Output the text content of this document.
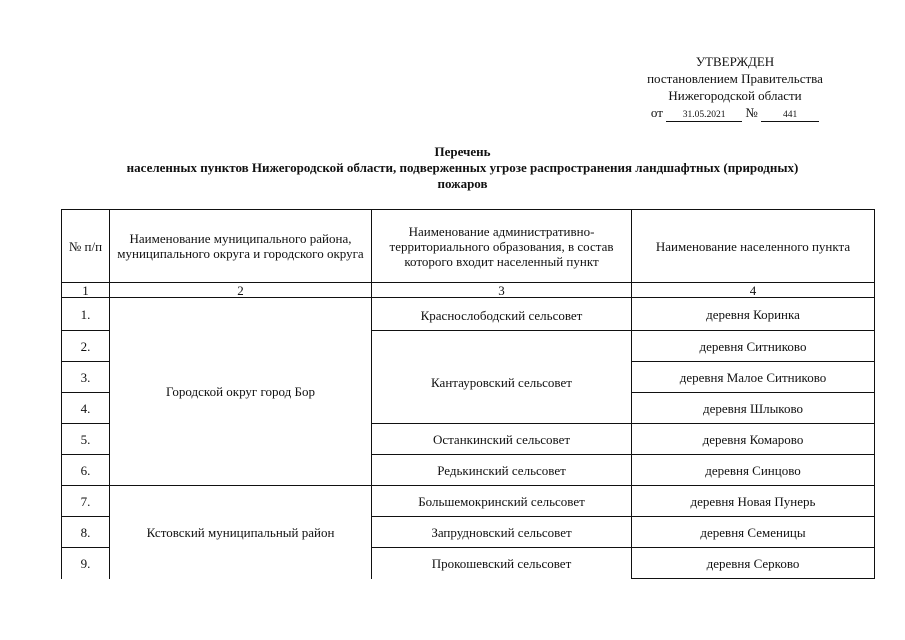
УТВЕРЖДЕН
постановлением Правительства
Нижегородской области
от 31.05.2021 №	441
Перечень
населенных пунктов Нижегородской области, подверженных угрозе распространения ландшафтных (природных)
пожаров
№ п/п	Наименование муниципального района, муниципального округа и городского округа	Наименование административно-территориального образования, в состав которого входит населенный пункт	Наименование населенного пункта

1	2	3	4
1.	Городской округ город Бор	Краснослободский сельсовет	деревня Коринка
2.		Кантауровский сельсовет	деревня Ситниково
3.			деревня Малое Ситниково
4.			деревня Шлыково
5.		Останкинский сельсовет	деревня Комарово
6.		Редькинский сельсовет	деревня Синцово
7.	Кстовский муниципальный район	Большемокринский сельсовет	деревня Новая Пунерь
8.		Запрудновский сельсовет	деревня Семеницы
9.		Прокошевский сельсовет	деревня Серково
